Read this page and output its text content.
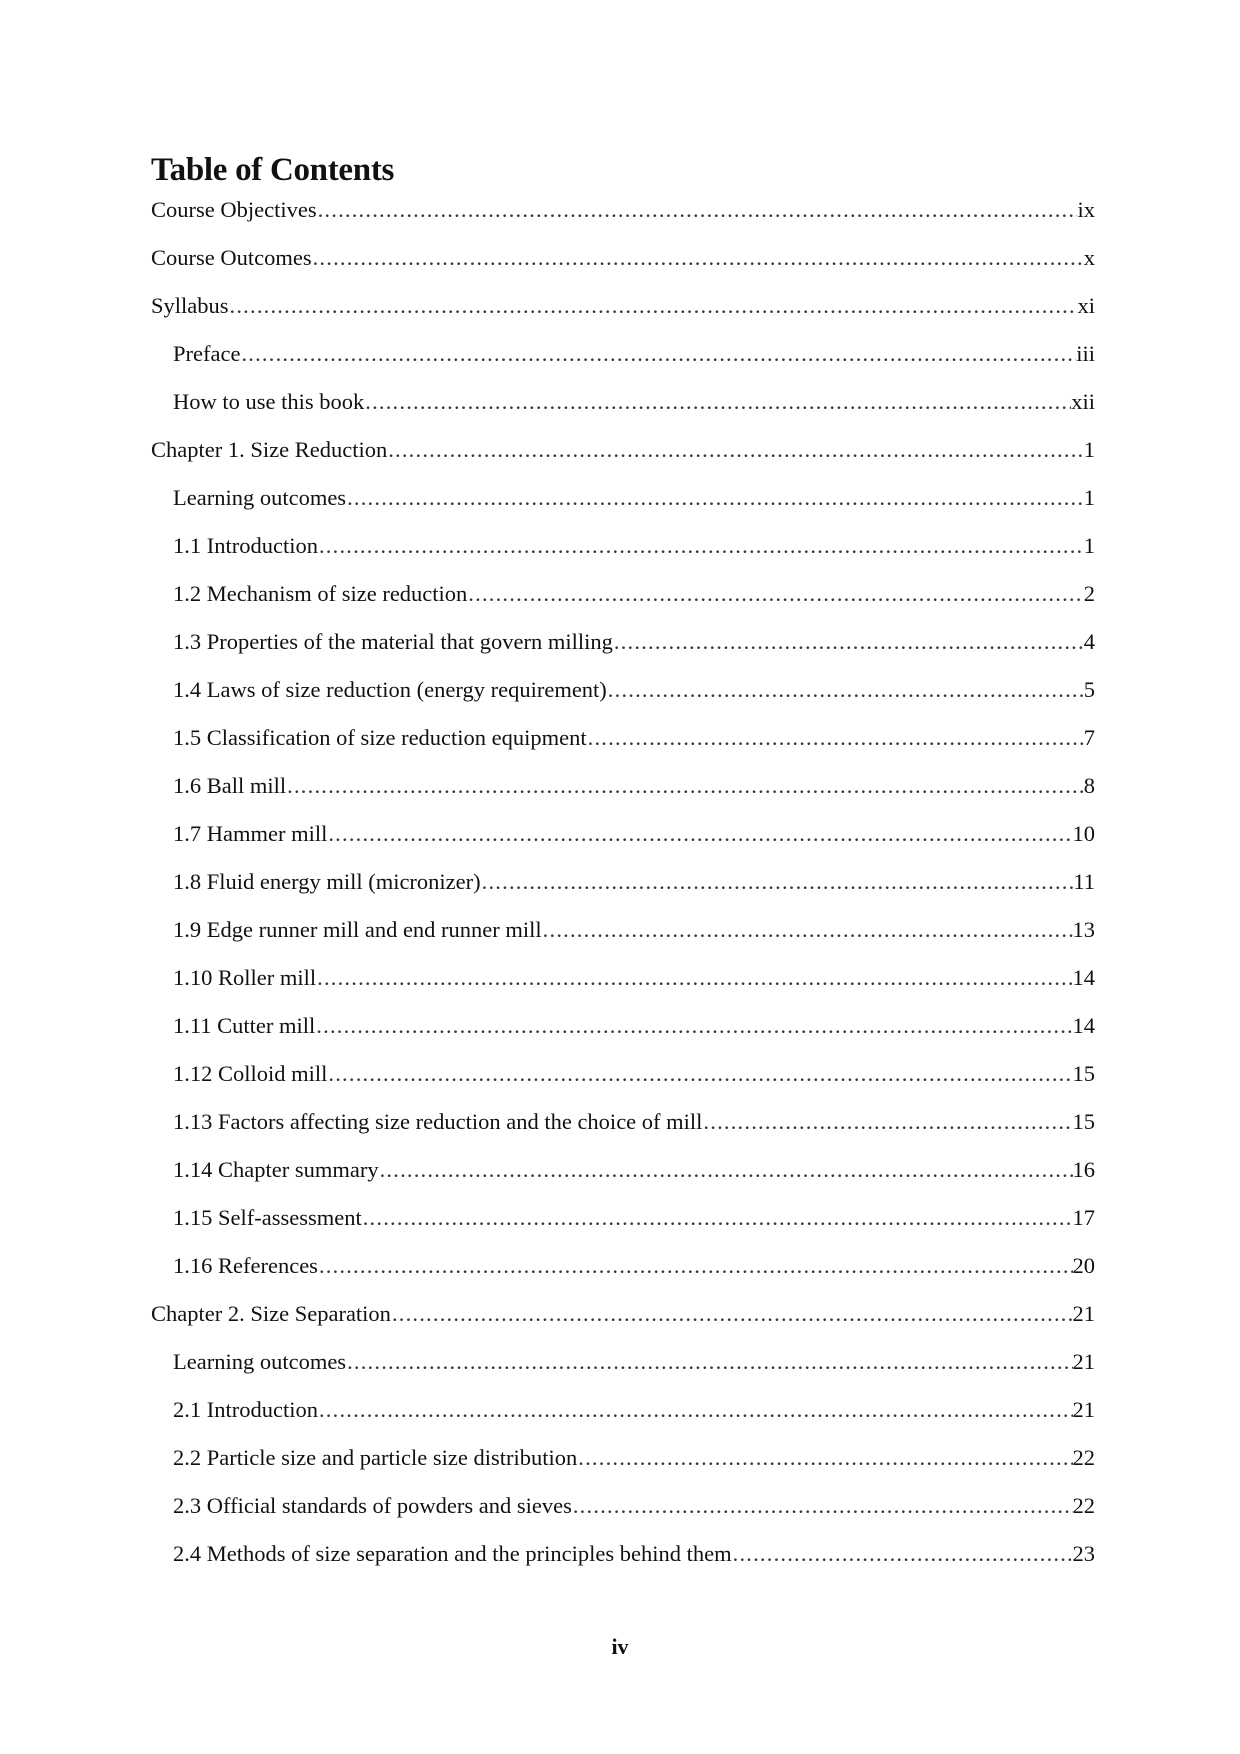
Table of Contents
Course Objectives .....	ix
Course Outcomes .....	x
Syllabus .....	xi
Preface .....	iii
How to use this book .....	xii
Chapter 1. Size Reduction .....	1
Learning outcomes .....	1
1.1 Introduction .....	1
1.2 Mechanism of size reduction .....	2
1.3 Properties of the material that govern milling .....	4
1.4 Laws of size reduction (energy requirement) .....	5
1.5 Classification of size reduction equipment .....	7
1.6 Ball mill .....	8
1.7 Hammer mill .....	10
1.8 Fluid energy mill (micronizer) .....	11
1.9 Edge runner mill and end runner mill .....	13
1.10 Roller mill .....	14
1.11 Cutter mill .....	14
1.12 Colloid mill .....	15
1.13 Factors affecting size reduction and the choice of mill .....	15
1.14 Chapter summary .....	16
1.15 Self-assessment .....	17
1.16 References .....	20
Chapter 2. Size Separation .....	21
Learning outcomes .....	21
2.1 Introduction .....	21
2.2 Particle size and particle size distribution .....	22
2.3 Official standards of powders and sieves .....	22
2.4 Methods of size separation and the principles behind them .....	23
iv
